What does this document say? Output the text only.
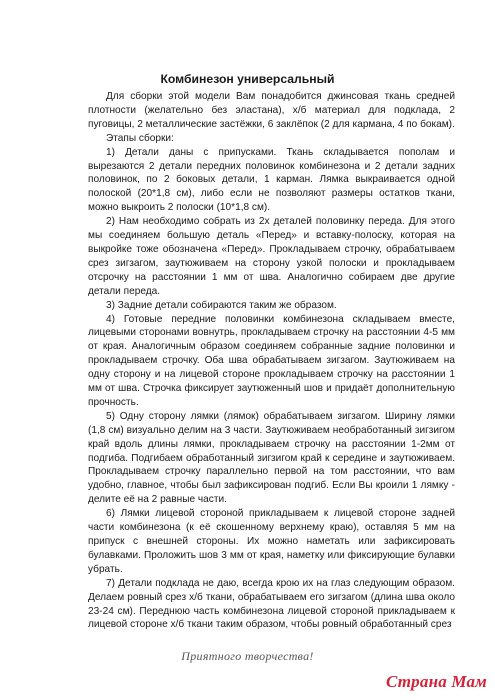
Комбинезон универсальный

Для сборки этой модели Вам понадобится джинсовая ткань средней плотности (желательно без эластана), х/б материал для подклада, 2 пуговицы, 2 металлические застёжки, 6 заклёпок (2 для кармана, 4 по бокам).

Этапы сборки:

1) Детали даны с припусками. Ткань складывается пополам и вырезаются 2 детали передних половинок комбинезона и 2 детали задних половинок, по 2 боковых детали, 1 карман. Лямка выкраивается одной полоской (20*1,8 см), либо если не позволяют размеры остатков ткани, можно выкроить 2 полоски (10*1,8 см).

2) Нам необходимо собрать из 2х деталей половинку переда. Для этого мы соединяем большую деталь «Перед» и вставку-полоску, которая на выкройке тоже обозначена «Перед». Прокладываем строчку, обрабатываем срез зигзагом, заутюживаем на сторону узкой полоски и прокладываем отсрочку на расстоянии 1 мм от шва. Аналогично собираем две другие детали переда.

3) Задние детали собираются таким же образом.

4) Готовые передние половинки комбинезона складываем вместе, лицевыми сторонами вовнутрь, прокладываем строчку на расстоянии 4-5 мм от края. Аналогичным образом соединяем собранные задние половинки и прокладываем строчку. Оба шва обрабатываем зигзагом. Заутюживаем на одну сторону и на лицевой стороне прокладываем строчку на расстоянии 1 мм от шва. Строчка фиксирует заутюженный шов и придаёт дополнительную прочность.

5) Одну сторону лямки (лямок) обрабатываем зигзагом. Ширину лямки (1,8 см) визуально делим на 3 части. Заутюживаем необработанный зигзигом край вдоль длины лямки, прокладываем строчку на расстоянии 1-2мм от подгиба. Подгибаем обработанный зигзигом край к середине и заутюживаем. Прокладываем строчку параллельно первой на том расстоянии, что вам удобно, главное, чтобы был зафиксирован подгиб. Если Вы кроили 1 лямку - делите её на 2 равные части.

6) Лямки лицевой стороной прикладываем к лицевой стороне задней части комбинезона (к её скошенному верхнему краю), оставляя 5 мм на припуск с внешней стороны. Их можно наметать или зафиксировать булавками. Проложить шов 3 мм от края, наметку или фиксирующие булавки убрать.

7) Детали подклада не даю, всегда крою их на глаз следующим образом. Делаем ровный срез х/б ткани, обрабатываем его зигзагом (длина шва около 23-24 см). Переднюю часть комбинезона лицевой стороной прикладываем к лицевой стороне х/б ткани таким образом, чтобы ровный обработанный срез

Приятного творчества!
Страна Мам
